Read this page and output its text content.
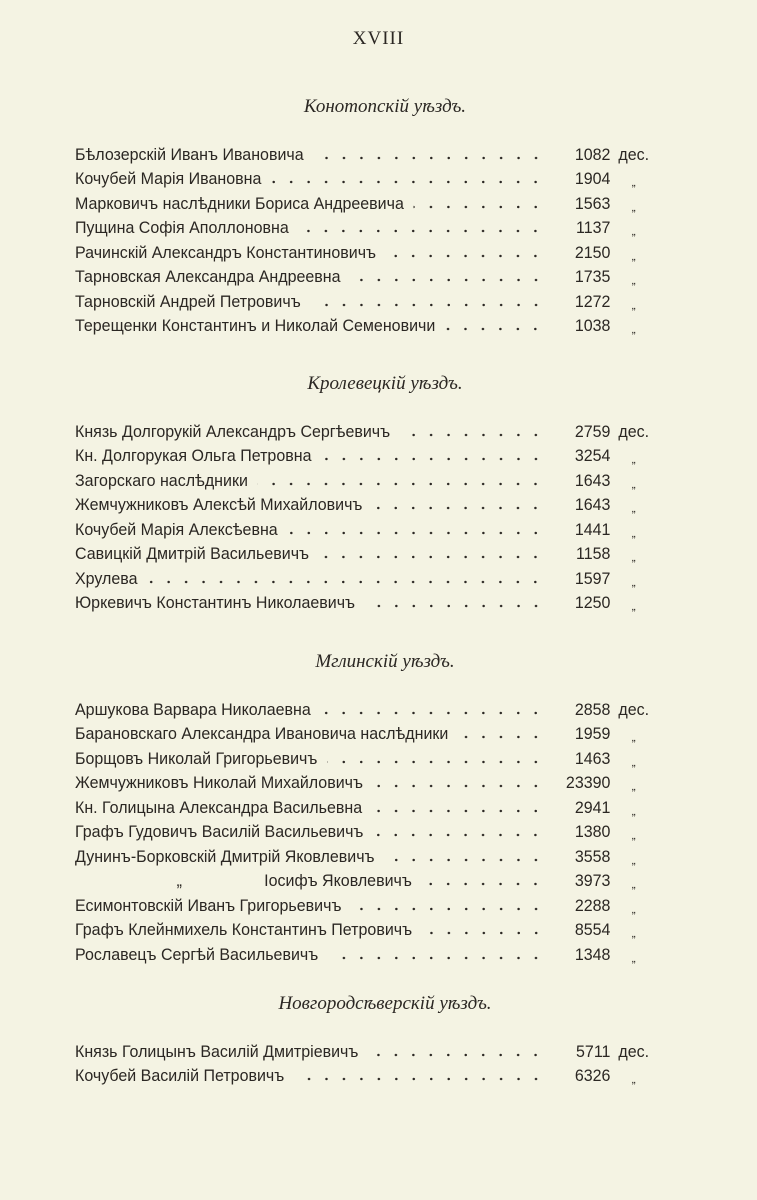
XVIII
Конотопскій уѣздъ.
Бѣлозерскій Иванъ Ивановича	1082 дес.
Кочубей Марія Ивановна	1904	„
Марковичъ наслѣдники Бориса Андреевича	1563	„
Пущина Софія Аполлоновна	1137	„
Рачинскій Александръ Константиновичъ	2150	„
Тарновская Александра Андреевна	1735	„
Тарновскій Андрей Петровичъ	1272	„
Терещенки Константинъ и Николай Семеновичи	1038	„
Кролевецкій уѣздъ.
Князь Долгорукій Александръ Сергѣевичъ	2759 дес.
Кн. Долгорукая Ольга Петровна	3254	„
Загорскаго наслѣдники	1643	„
Жемчужниковъ Алексѣй Михайловичъ	1643	„
Кочубей Марія Алексѣевна	1441	„
Савицкій Дмитрій Васильевичъ	1158	„
Хрулева	1597	„
Юркевичъ Константинъ Николаевичъ	1250	„
Мглинскій уѣздъ.
Аршукова Варвара Николаевна	2858 дес.
Барановскаго Александра Ивановича наслѣдники	1959	„
Борщовъ Николай Григорьевичъ	1463	„
Жемчужниковъ Николай Михайловичъ	23390	„
Кн. Голицына Александра Васильевна	2941	„
Графъ Гудовичъ Василій Васильевичъ	1380	„
Дунинъ-Борковскій Дмитрій Яковлевичъ	3558	„
„	Іосифъ Яковлевичъ	3973	„
Есимонтовскій Иванъ Григорьевичъ	2288	„
Графъ Клейнмихель Константинъ Петровичъ	8554	„
Рославецъ Сергѣй Васильевичъ	1348	„
Новгородсѣверскій уѣздъ.
Князь Голицынъ Василій Дмитріевичъ	5711 дес.
Кочубей Василій Петровичъ	6326	„
